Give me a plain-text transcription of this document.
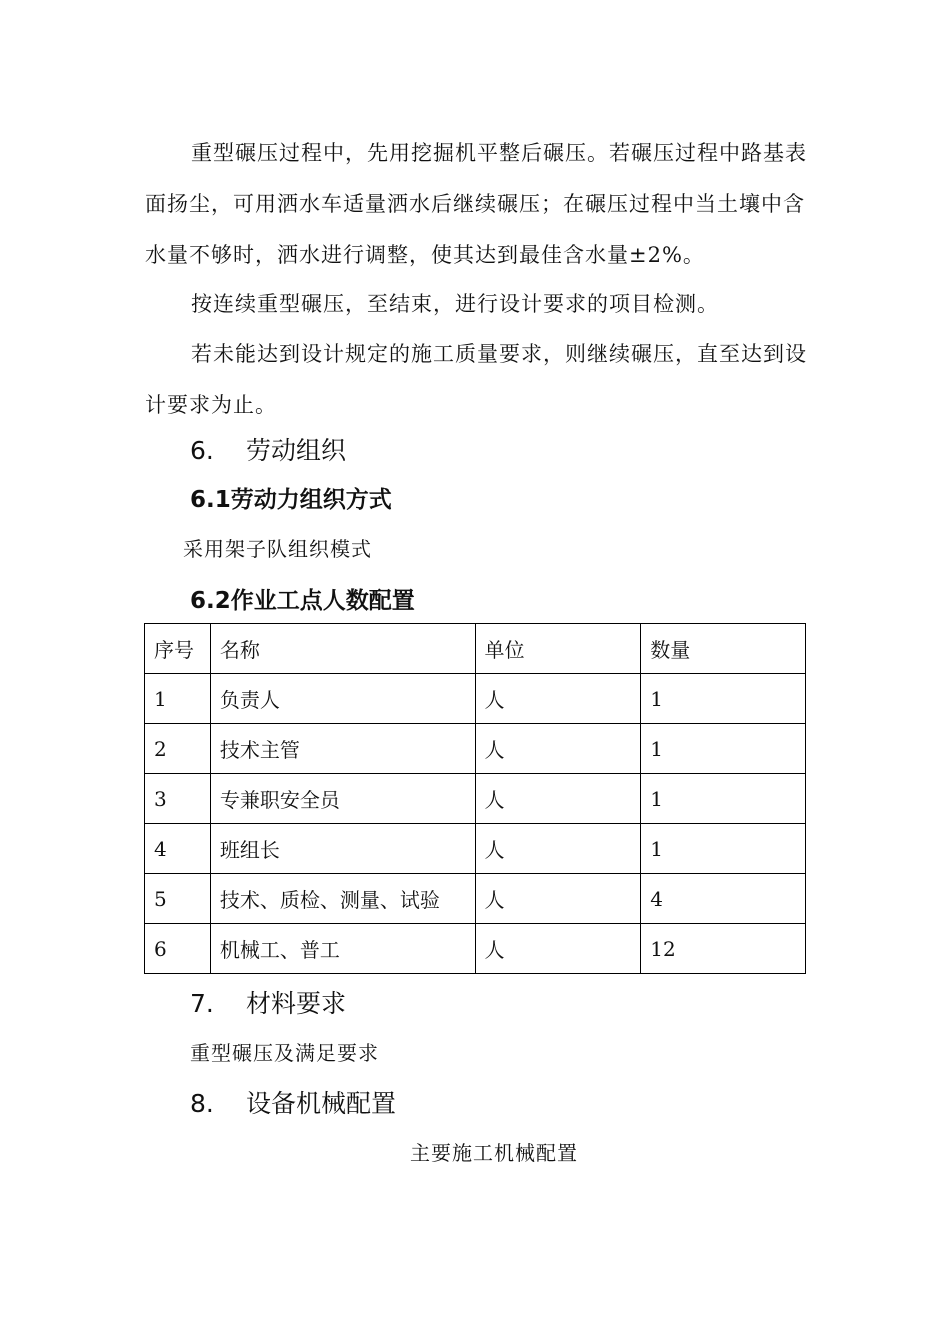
重型碾压过程中，先用挖掘机平整后碾压。若碾压过程中路基表面扬尘，可用洒水车适量洒水后继续碾压；在碾压过程中当土壤中含水量不够时，洒水进行调整，使其达到最佳含水量±2%。

按连续重型碾压，至结束，进行设计要求的项目检测。

若未能达到设计规定的施工质量要求，则继续碾压，直至达到设计要求为止。

6. 劳动组织
6.1劳动力组织方式

采用架子队组织模式

6.2作业工点人数配置
序号	名称	单位	数量
1	负责人	人	1
2	技术主管	人	1
3	专兼职安全员	人	1
4	班组长	人	1
5	技术、质检、测量、试验	人	4
6	机械工、普工	人	12
7. 材料要求

重型碾压及满足要求

8. 设备机械配置

主要施工机械配置
